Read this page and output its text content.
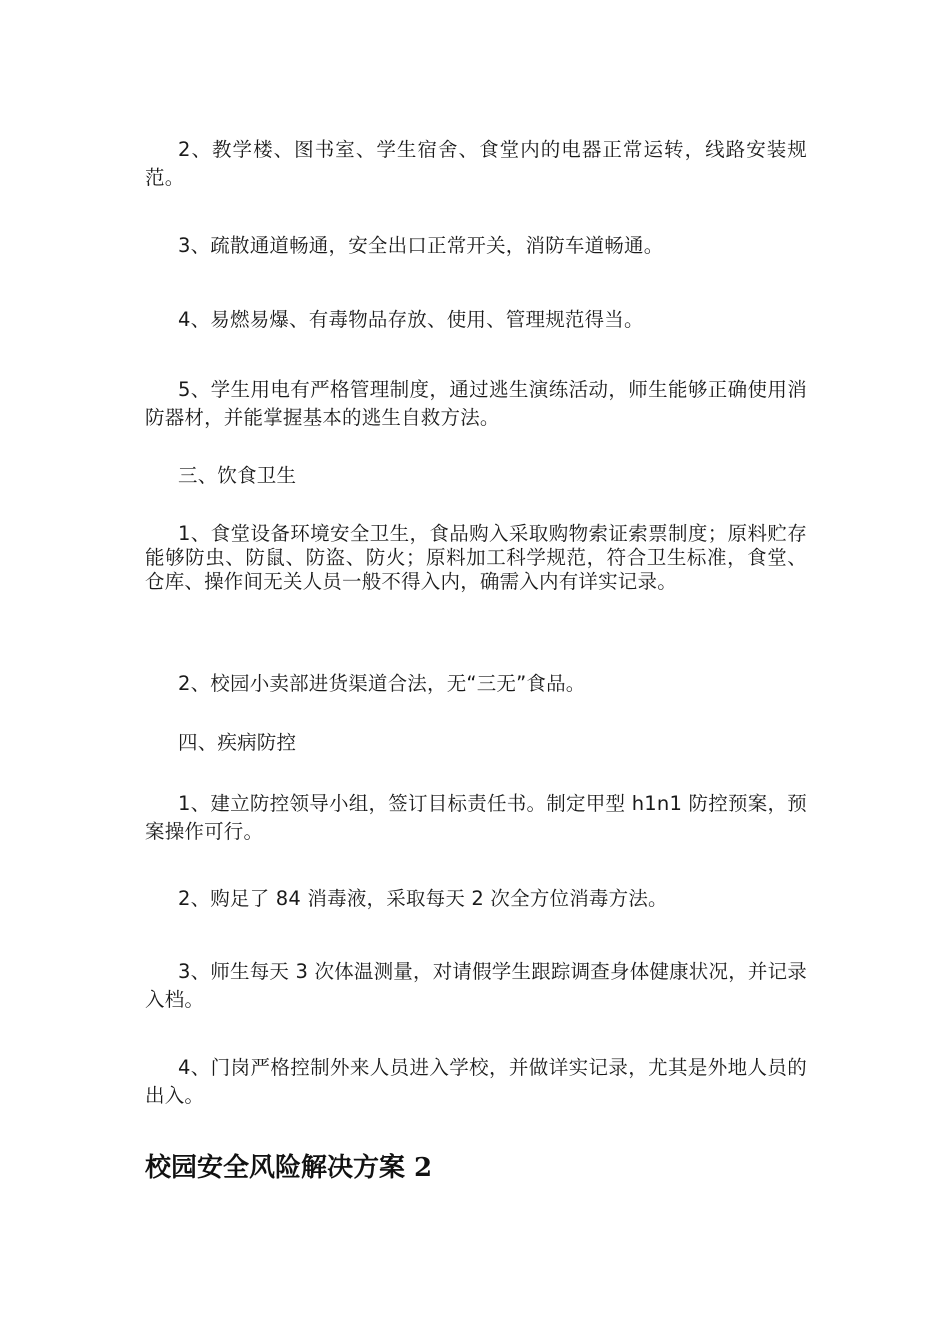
2、教学楼、图书室、学生宿舍、食堂内的电器正常运转，线路安装规范。

3、疏散通道畅通，安全出口正常开关，消防车道畅通。

4、易燃易爆、有毒物品存放、使用、管理规范得当。

5、学生用电有严格管理制度，通过逃生演练活动，师生能够正确使用消防器材，并能掌握基本的逃生自救方法。

三、饮食卫生

1、食堂设备环境安全卫生，食品购入采取购物索证索票制度；原料贮存能够防虫、防鼠、防盗、防火；原料加工科学规范，符合卫生标准，食堂、仓库、操作间无关人员一般不得入内，确需入内有详实记录。

2、校园小卖部进货渠道合法，无“三无”食品。

四、疾病防控

1、建立防控领导小组，签订目标责任书。制定甲型 h1n1 防控预案，预案操作可行。

2、购足了 84 消毒液，采取每天 2 次全方位消毒方法。

3、师生每天 3 次体温测量，对请假学生跟踪调查身体健康状况，并记录入档。

4、门岗严格控制外来人员进入学校，并做详实记录，尤其是外地人员的出入。

校园安全风险解决方案 2
